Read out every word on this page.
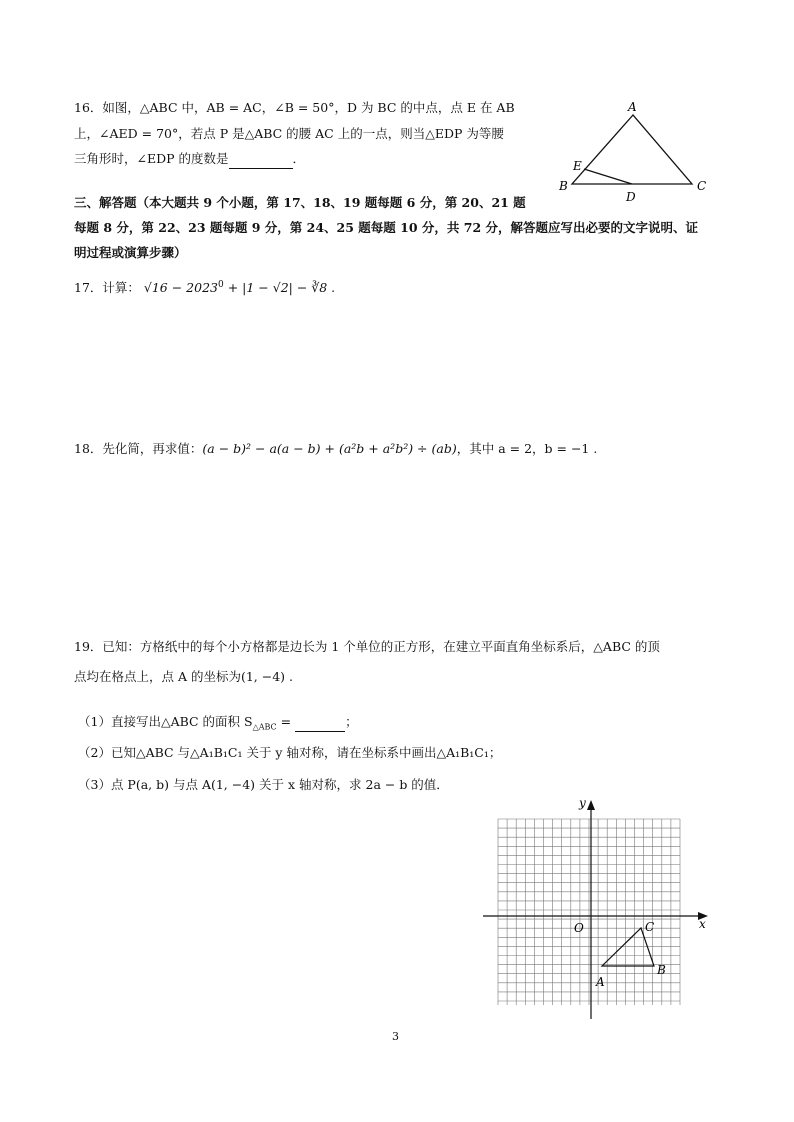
16．如图，△ABC 中，AB = AC，∠B = 50°，D 为 BC 的中点，点 E 在 AB
上，∠AED = 70°，若点 P 是△ABC 的腰 AC 上的一点，则当△EDP 为等腰
三角形时，∠EDP 的度数是	．
A
B	C
D
E
三、解答题（本大题共 9 个小题，第 17、18、19 题每题 6 分，第 20、21 题
每题 8 分，第 22、23 题每题 9 分，第 24、25 题每题 10 分，共 72 分，解答题应写出必要的文字说明、证
明过程或演算步骤）
17．计算： $√16 - 2023^0 + |1 - √2|$ − ∛8 .
18．先化简，再求值：(a − b)² − a(a − b) + (a²b + a²b²) ÷ (ab)，其中 a = 2，b = −1 .
19．已知：方格纸中的每个小方格都是边长为 1 个单位的正方形，在建立平面直角坐标系后，△ABC 的顶
点均在格点上，点 A 的坐标为(1, −4) .
（1）直接写出△ABC 的面积 $S_{\triangle ABC}$ =	；
（2）已知△ABC 与△A₁B₁C₁ 关于 y 轴对称，请在坐标系中画出△A₁B₁C₁；
（3）点 P(a, b) 与点 A(1, −4) 关于 x 轴对称，求 2a − b 的值．
x
y
O
A
B
C
3
